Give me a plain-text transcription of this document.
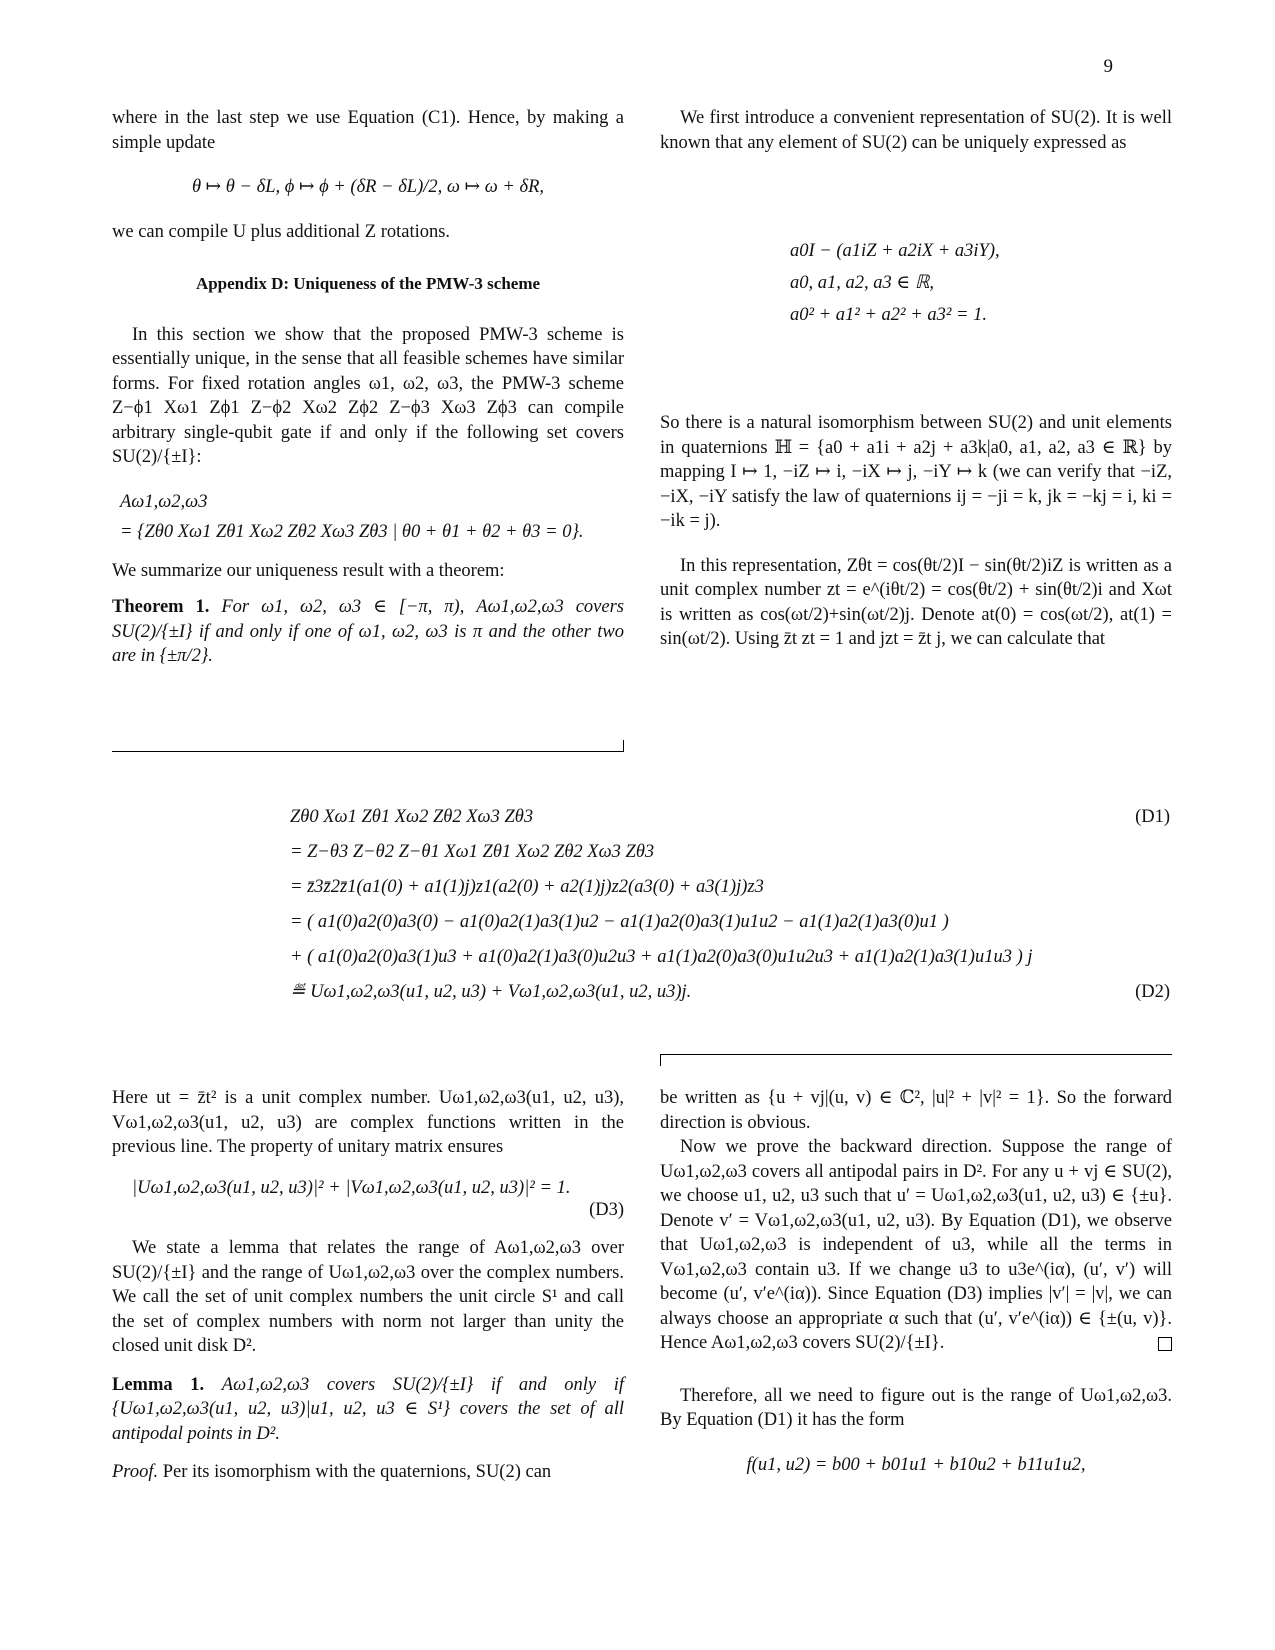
9

where in the last step we use Equation (C1). Hence, by making a simple update

θ ↦ θ − δL, ϕ ↦ ϕ + (δR − δL)/2, ω ↦ ω + δR,

we can compile U plus additional Z rotations.

Appendix D: Uniqueness of the PMW-3 scheme

In this section we show that the proposed PMW-3 scheme is essentially unique, in the sense that all feasible schemes have similar forms. For fixed rotation angles ω1, ω2, ω3, the PMW-3 scheme Z−ϕ1 Xω1 Zϕ1 Z−ϕ2 Xω2 Zϕ2 Z−ϕ3 Xω3 Zϕ3 can compile arbitrary single-qubit gate if and only if the following set covers SU(2)/{±I}:

Aω1,ω2,ω3
= {Zθ0 Xω1 Zθ1 Xω2 Zθ2 Xω3 Zθ3 | θ0 + θ1 + θ2 + θ3 = 0}.

We summarize our uniqueness result with a theorem:

Theorem 1. For ω1, ω2, ω3 ∈ [−π, π), Aω1,ω2,ω3 covers SU(2)/{±I} if and only if one of ω1, ω2, ω3 is π and the other two are in {±π/2}.

We first introduce a convenient representation of SU(2). It is well known that any element of SU(2) can be uniquely expressed as

a0I − (a1iZ + a2iX + a3iY),
a0, a1, a2, a3 ∈ ℝ,
a0² + a1² + a2² + a3² = 1.

So there is a natural isomorphism between SU(2) and unit elements in quaternions ℍ = {a0 + a1i + a2j + a3k|a0, a1, a2, a3 ∈ ℝ} by mapping I ↦ 1, −iZ ↦ i, −iX ↦ j, −iY ↦ k (we can verify that −iZ, −iX, −iY satisfy the law of quaternions ij = −ji = k, jk = −kj = i, ki = −ik = j).

In this representation, Zθt = cos(θt/2)I − sin(θt/2)iZ is written as a unit complex number zt = e^(iθt/2) = cos(θt/2) + sin(θt/2)i and Xωt is written as cos(ωt/2)+sin(ωt/2)j. Denote at(0) = cos(ωt/2), at(1) = sin(ωt/2). Using z̄t zt = 1 and jzt = z̄t j, we can calculate that

Zθ0 Xω1 Zθ1 Xω2 Zθ2 Xω3 Zθ3	(D1)
= Z−θ3 Z−θ2 Z−θ1 Xω1 Zθ1 Xω2 Zθ2 Xω3 Zθ3
= z̄3z̄2z̄1(a1(0) + a1(1)j)z1(a2(0) + a2(1)j)z2(a3(0) + a3(1)j)z3
= ( a1(0)a2(0)a3(0) − a1(0)a2(1)a3(1)u2 − a1(1)a2(0)a3(1)u1u2 − a1(1)a2(1)a3(0)u1 )
+ ( a1(0)a2(0)a3(1)u3 + a1(0)a2(1)a3(0)u2u3 + a1(1)a2(0)a3(0)u1u2u3 + a1(1)a2(1)a3(1)u1u3 ) j
≝ Uω1,ω2,ω3(u1, u2, u3) + Vω1,ω2,ω3(u1, u2, u3)j.	(D2)

Here ut = z̄t² is a unit complex number. Uω1,ω2,ω3(u1, u2, u3), Vω1,ω2,ω3(u1, u2, u3) are complex functions written in the previous line. The property of unitary matrix ensures

|Uω1,ω2,ω3(u1, u2, u3)|² + |Vω1,ω2,ω3(u1, u2, u3)|² = 1.
(D3)

We state a lemma that relates the range of Aω1,ω2,ω3 over SU(2)/{±I} and the range of Uω1,ω2,ω3 over the complex numbers. We call the set of unit complex numbers the unit circle S¹ and call the set of complex numbers with norm not larger than unity the closed unit disk D².

Lemma 1. Aω1,ω2,ω3 covers SU(2)/{±I} if and only if {Uω1,ω2,ω3(u1, u2, u3)|u1, u2, u3 ∈ S¹} covers the set of all antipodal points in D².

Proof. Per its isomorphism with the quaternions, SU(2) can

be written as {u + vj|(u, v) ∈ ℂ², |u|² + |v|² = 1}. So the forward direction is obvious.

Now we prove the backward direction. Suppose the range of Uω1,ω2,ω3 covers all antipodal pairs in D². For any u + vj ∈ SU(2), we choose u1, u2, u3 such that u′ = Uω1,ω2,ω3(u1, u2, u3) ∈ {±u}. Denote v′ = Vω1,ω2,ω3(u1, u2, u3). By Equation (D1), we observe that Uω1,ω2,ω3 is independent of u3, while all the terms in Vω1,ω2,ω3 contain u3. If we change u3 to u3e^(iα), (u′, v′) will become (u′, v′e^(iα)). Since Equation (D3) implies |v′| = |v|, we can always choose an appropriate α such that (u′, v′e^(iα)) ∈ {±(u, v)}. Hence Aω1,ω2,ω3 covers SU(2)/{±I}.

Therefore, all we need to figure out is the range of Uω1,ω2,ω3. By Equation (D1) it has the form

f(u1, u2) = b00 + b01u1 + b10u2 + b11u1u2,
